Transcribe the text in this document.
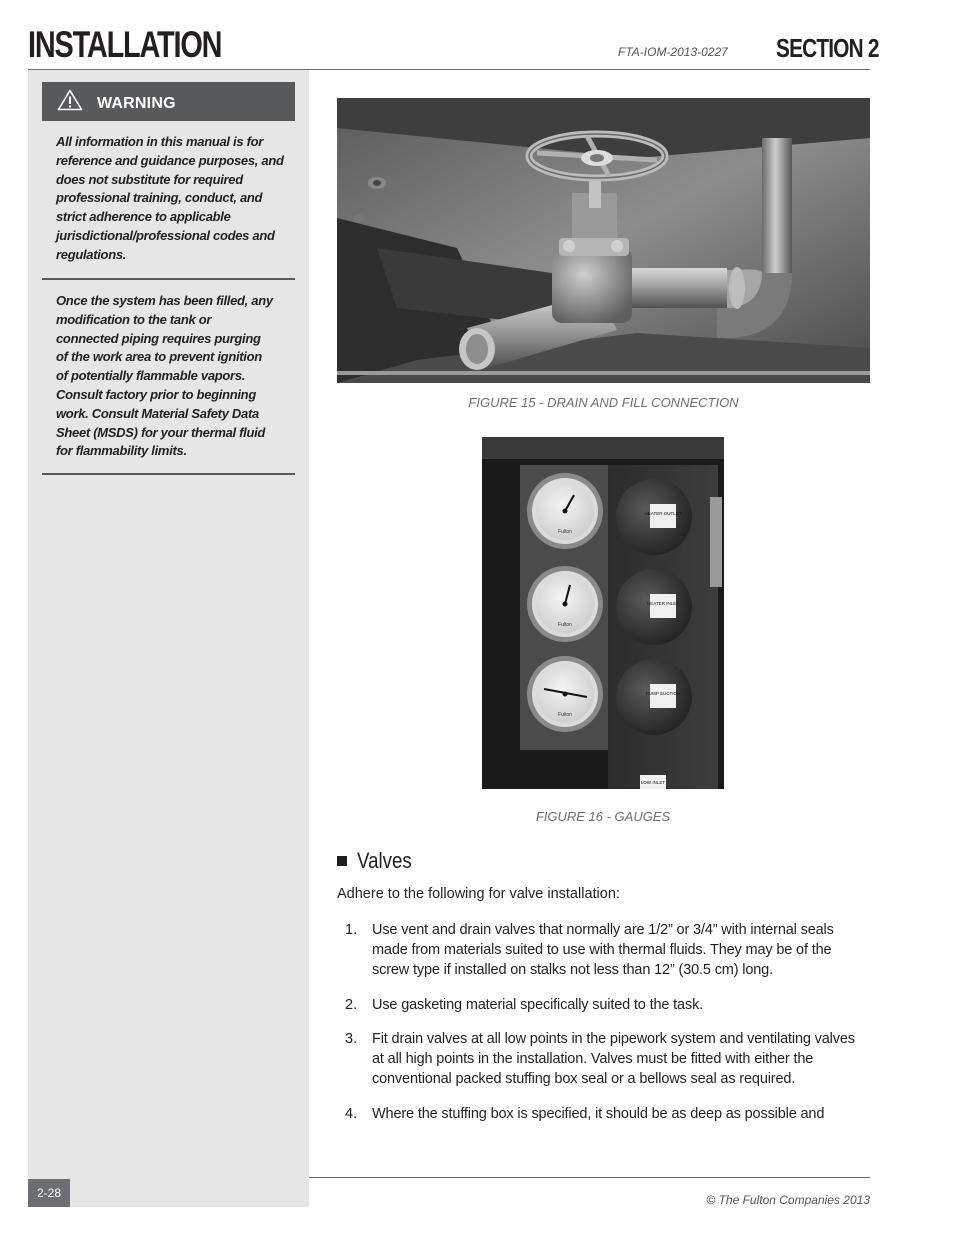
INSTALLATION	FTA-IOM-2013-0227 SECTION 2
WARNING
All information in this manual is for reference and guidance purposes, and does not substitute for required professional training, conduct, and strict adherence to applicable jurisdictional/professional codes and regulations.
Once the system has been filled, any modification to the tank or connected piping requires purging of the work area to prevent ignition of potentially flammable vapors. Consult factory prior to beginning work. Consult Material Safety Data Sheet (MSDS) for your thermal fluid for flammability limits.
FIGURE 15 - DRAIN AND FILL CONNECTION
Fulton
Fulton
Fulton
HEATER OUTLET
HEATER INLET
PUMP SUCTION
LOW INLET
FIGURE 16 - GAUGES
Valves
Adhere to the following for valve installation:
1. Use vent and drain valves that normally are 1/2” or 3/4” with internal seals made from materials suited to use with thermal fluids. They may be of the screw type if installed on stalks not less than 12” (30.5 cm) long.
2. Use gasketing material specifically suited to the task.
3. Fit drain valves at all low points in the pipework system and ventilating valves at all high points in the installation. Valves must be fitted with either the conventional packed stuffing box seal or a bellows seal as required.
4. Where the stuffing box is specified, it should be as deep as possible and
2-28	© The Fulton Companies 2013
